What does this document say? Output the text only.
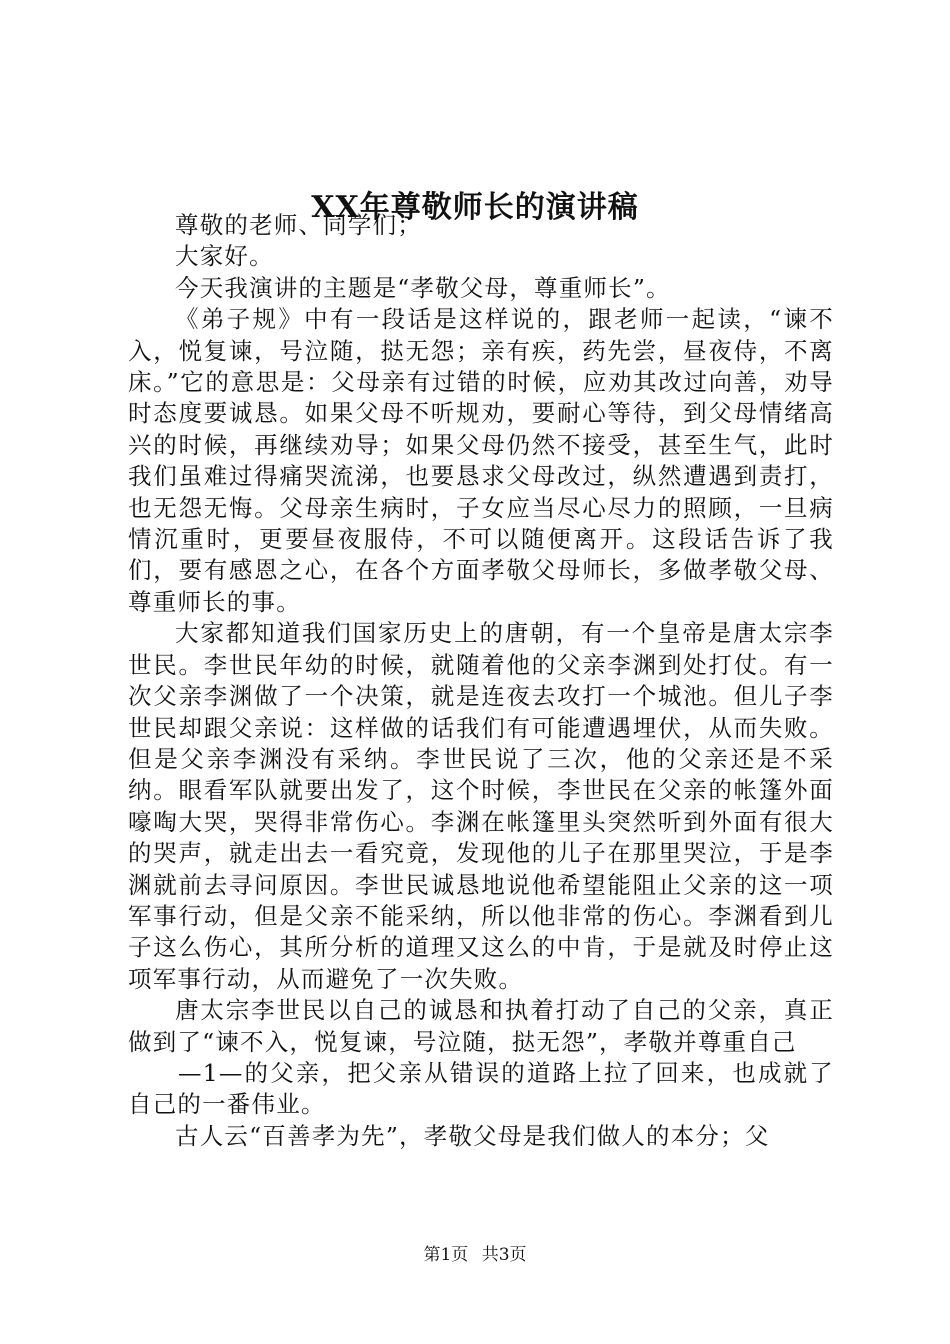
XX年尊敬师长的演讲稿

尊敬的老师、同学们；

大家好。

今天我演讲的主题是“孝敬父母，尊重师长”。

《弟子规》中有一段话是这样说的，跟老师一起读，“谏不入，悦复谏，号泣随，挞无怨；亲有疾，药先尝，昼夜侍，不离床。”它的意思是：父母亲有过错的时候，应劝其改过向善，劝导时态度要诚恳。如果父母不听规劝，要耐心等待，到父母情绪高兴的时候，再继续劝导；如果父母仍然不接受，甚至生气，此时我们虽难过得痛哭流涕，也要恳求父母改过，纵然遭遇到责打，也无怨无悔。父母亲生病时，子女应当尽心尽力的照顾，一旦病情沉重时，更要昼夜服侍，不可以随便离开。这段话告诉了我们，要有感恩之心，在各个方面孝敬父母师长，多做孝敬父母、尊重师长的事。

大家都知道我们国家历史上的唐朝，有一个皇帝是唐太宗李世民。李世民年幼的时候，就随着他的父亲李渊到处打仗。有一次父亲李渊做了一个决策，就是连夜去攻打一个城池。但儿子李世民却跟父亲说：这样做的话我们有可能遭遇埋伏，从而失败。但是父亲李渊没有采纳。李世民说了三次，他的父亲还是不采纳。眼看军队就要出发了，这个时候，李世民在父亲的帐篷外面嚎啕大哭，哭得非常伤心。李渊在帐篷里头突然听到外面有很大的哭声，就走出去一看究竟，发现他的儿子在那里哭泣，于是李渊就前去寻问原因。李世民诚恳地说他希望能阻止父亲的这一项军事行动，但是父亲不能采纳，所以他非常的伤心。李渊看到儿子这么伤心，其所分析的道理又这么的中肯，于是就及时停止这项军事行动，从而避免了一次失败。

唐太宗李世民以自己的诚恳和执着打动了自己的父亲，真正做到了“谏不入，悦复谏，号泣随，挞无怨”，孝敬并尊重自己

—1—的父亲，把父亲从错误的道路上拉了回来，也成就了自己的一番伟业。

古人云“百善孝为先”，孝敬父母是我们做人的本分；父

第1页 共3页
